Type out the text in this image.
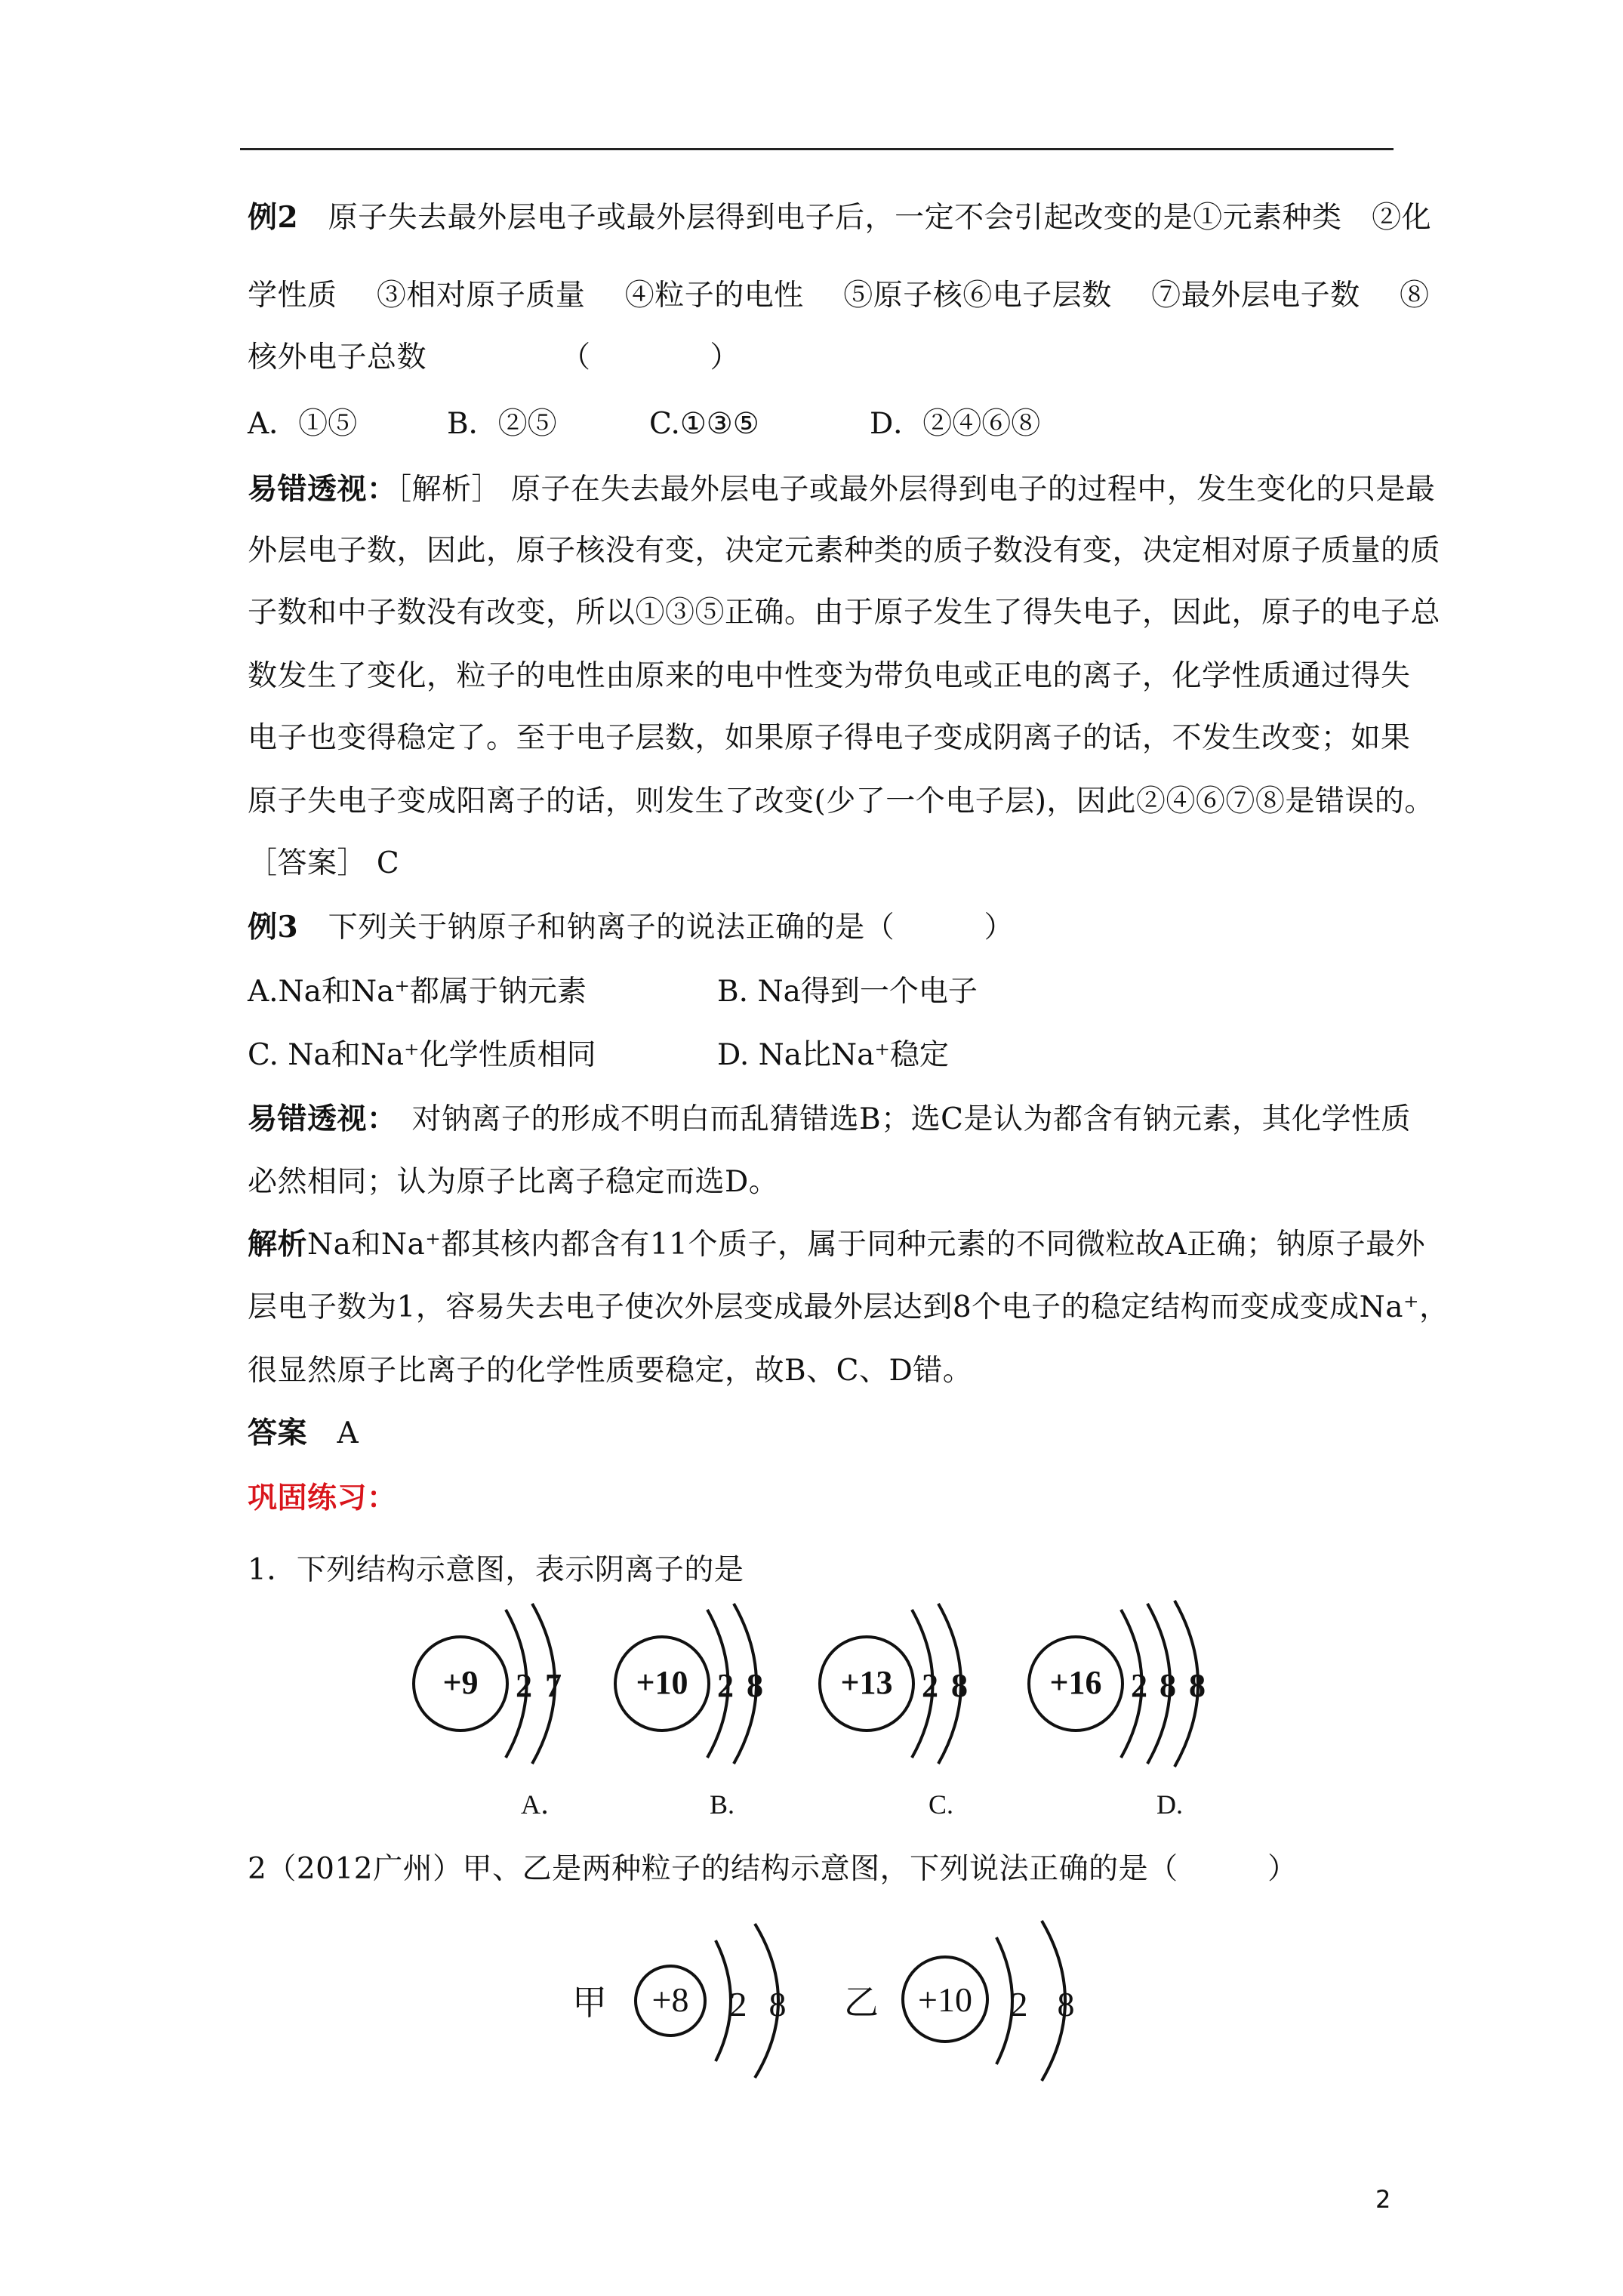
例2　 原子失去最外层电子或最外层得到电子后，一定不会引起改变的是①元素种类　②化
学性质　 ③相对原子质量　 ④粒子的电性　 ⑤原子核⑥电子层数　 ⑦最外层电子数　 ⑧
核外电子总数　　　　　（　　　　）
A．①⑤	B．②⑤	C.①③⑤	D．②④⑥⑧
易错透视：［解析］ 原子在失去最外层电子或最外层得到电子的过程中，发生变化的只是最
外层电子数，因此，原子核没有变，决定元素种类的质子数没有变，决定相对原子质量的质
子数和中子数没有改变，所以①③⑤正确。由于原子发生了得失电子，因此，原子的电子总
数发生了变化，粒子的电性由原来的电中性变为带负电或正电的离子，化学性质通过得失
电子也变得稳定了。至于电子层数，如果原子得电子变成阴离子的话，不发生改变；如果
原子失电子变成阳离子的话，则发生了改变(少了一个电子层)，因此②④⑥⑦⑧是错误的。
［答案］ C
例3　 下列关于钠原子和钠离子的说法正确的是（　　　）
A.Na和Na⁺都属于钠元素	B. Na得到一个电子
C. Na和Na⁺化学性质相同	D. Na比Na⁺稳定
易错透视：　对钠离子的形成不明白而乱猜错选B；选C是认为都含有钠元素，其化学性质
必然相同；认为原子比离子稳定而选D。
解析Na和Na⁺都其核内都含有11个质子，属于同种元素的不同微粒故A正确；钠原子最外
层电子数为1，容易失去电子使次外层变成最外层达到8个电子的稳定结构而变成变成Na⁺，
很显然原子比离子的化学性质要稳定，故B、C、D错。
答案　 A
巩固练习：
1．下列结构示意图，表示阴离子的是
+9 2 7 +10 2 8 +13 2 8 +16 2 8 8
A．	B.	C.	D.
2（2012广州）甲、乙是两种粒子的结构示意图，下列说法正确的是（　　　）
甲 +8 2 8 乙 +10 2 8
2
